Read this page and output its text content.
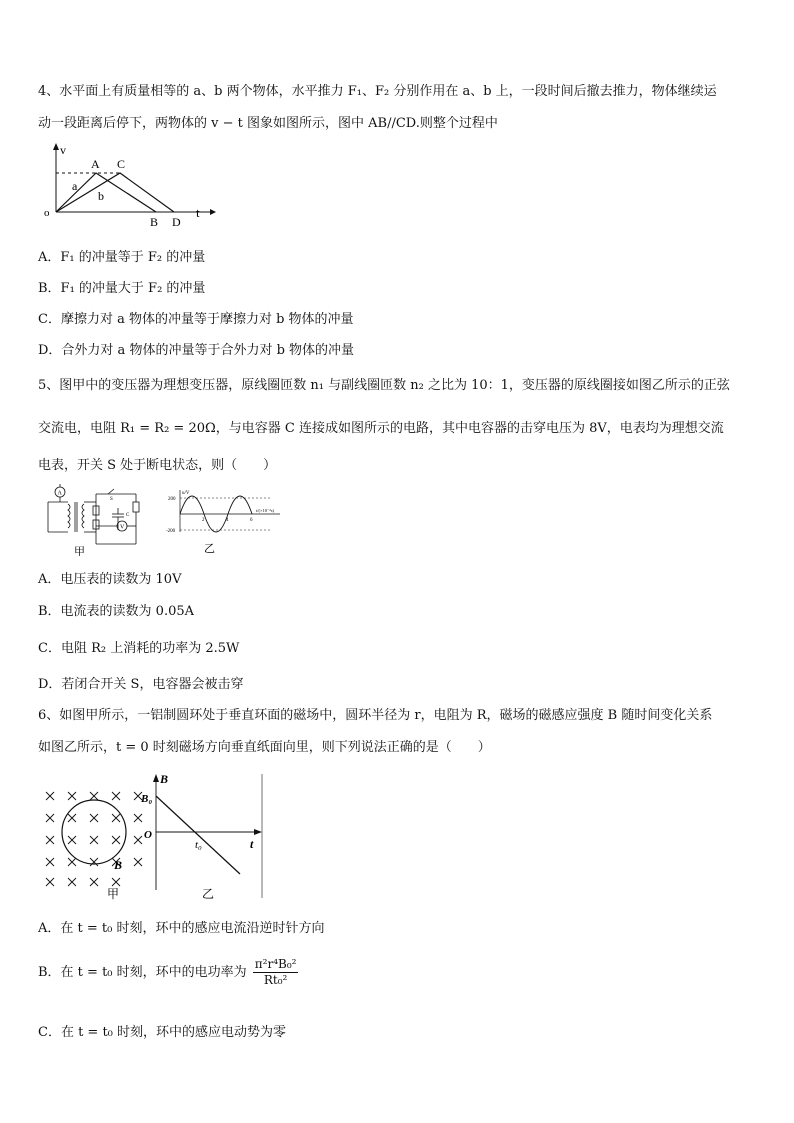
4、水平面上有质量相等的 a、b 两个物体，水平推力 F₁、F₂ 分别作用在 a、b 上，一段时间后撤去推力，物体继续运
动一段距离后停下，两物体的 v − t 图象如图所示，图中 AB//CD.则整个过程中
v
o
A C
a
b
B D
t
A．F₁ 的冲量等于 F₂ 的冲量
B．F₁ 的冲量大于 F₂ 的冲量
C．摩擦力对 a 物体的冲量等于摩擦力对 b 物体的冲量
D．合外力对 a 物体的冲量等于合外力对 b 物体的冲量
5、图甲中的变压器为理想变压器，原线圈匝数 n₁ 与副线圈匝数 n₂ 之比为 10：1，变压器的原线圈接如图乙所示的正弦
交流电，电阻 R₁ = R₂ = 20Ω，与电容器 C 连接成如图所示的电路，其中电容器的击穿电压为 8V，电表均为理想交流
电表，开关 S 处于断电状态，则（　　）
A
S
C
V
甲
u/V
200
-200
2	4	6
t/(×10⁻²s)
乙
A．电压表的读数为 10V
B．电流表的读数为 0.05A
C．电阻 R₂ 上消耗的功率为 2.5W
D．若闭合开关 S，电容器会被击穿
6、如图甲所示，一铝制圆环处于垂直环面的磁场中，圆环半径为 r，电阻为 R，磁场的磁感应强度 B 随时间变化关系
如图乙所示，t = 0 时刻磁场方向垂直纸面向里，则下列说法正确的是（　　）
B
甲
B
B₀
O
t₀	t
乙
A．在 t = t₀ 时刻，环中的感应电流沿逆时针方向
B．在 t = t₀ 时刻，环中的电功率为 $\frac{\text{π²r⁴B₀²}}{\text{Rt₀²}}$
C．在 t = t₀ 时刻，环中的感应电动势为零
